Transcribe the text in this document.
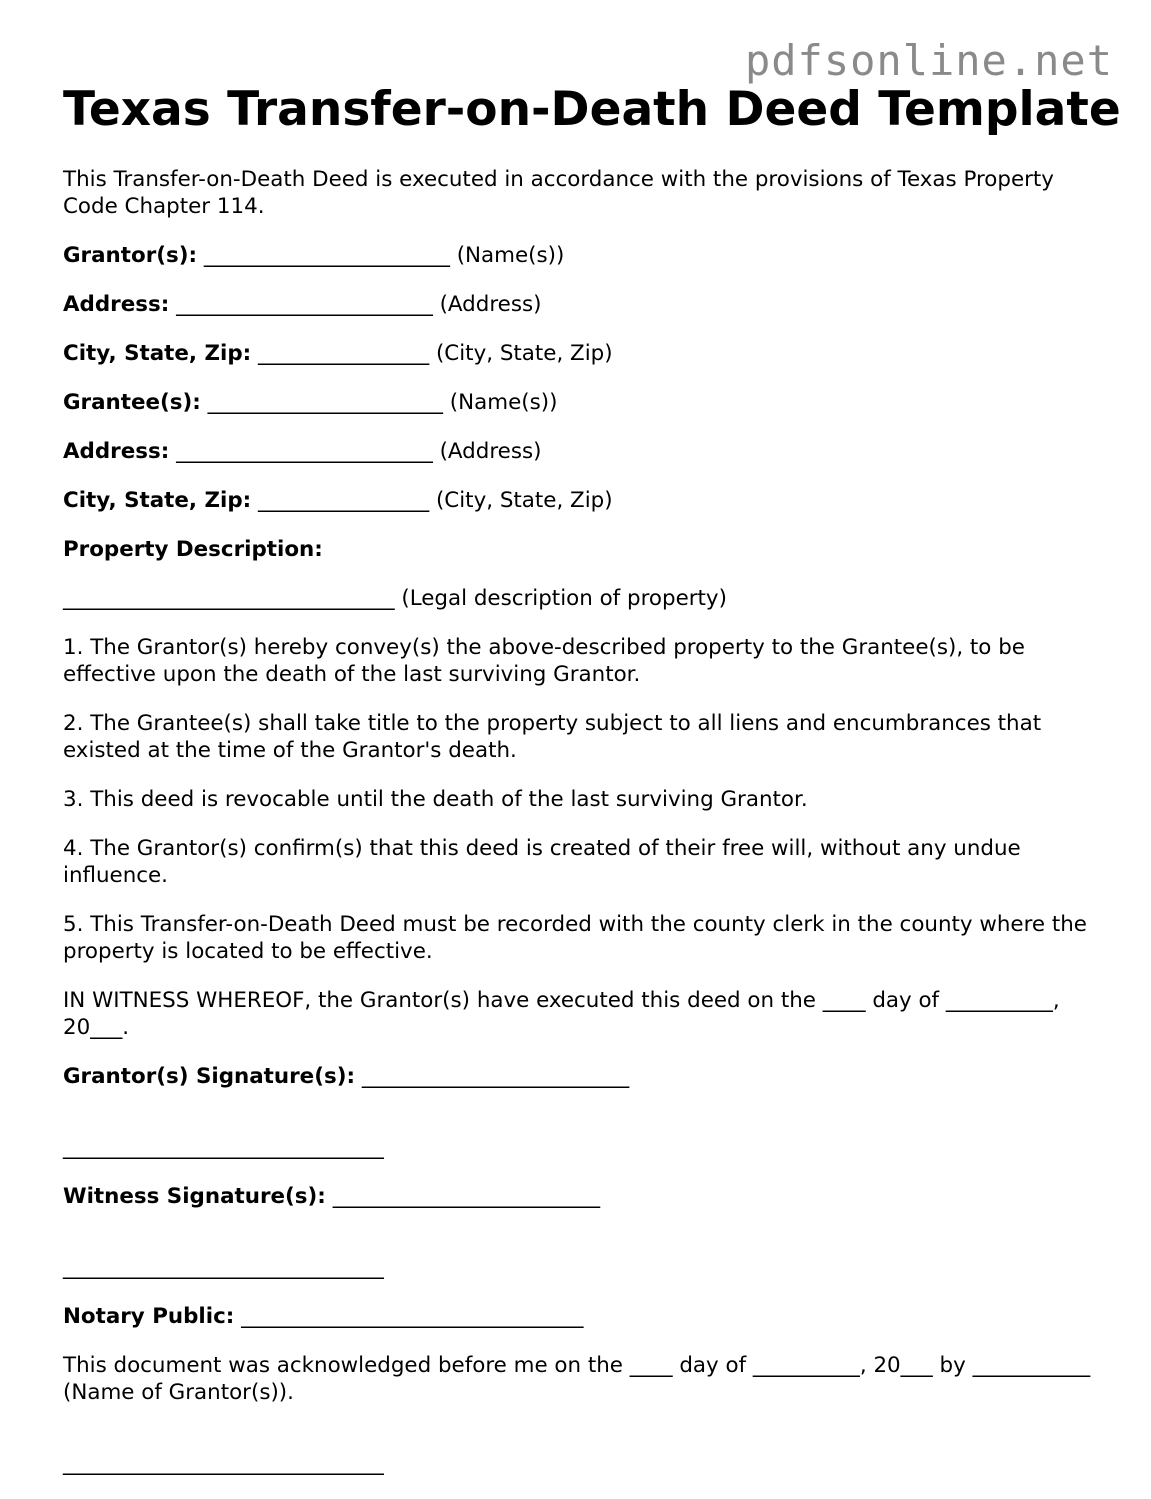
pdfsonline.net
Texas Transfer-on-Death Deed Template

This Transfer-on-Death Deed is executed in accordance with the provisions of Texas Property Code Chapter 114.

Grantor(s): _______________________ (Name(s))
Address: ________________________ (Address)
City, State, Zip: ________________ (City, State, Zip)
Grantee(s): ______________________ (Name(s))
Address: ________________________ (Address)
City, State, Zip: ________________ (City, State, Zip)
Property Description:
_______________________________ (Legal description of property)

1. The Grantor(s) hereby convey(s) the above-described property to the Grantee(s), to be effective upon the death of the last surviving Grantor.

2. The Grantee(s) shall take title to the property subject to all liens and encumbrances that existed at the time of the Grantor's death.

3. This deed is revocable until the death of the last surviving Grantor.

4. The Grantor(s) confirm(s) that this deed is created of their free will, without any undue influence.

5. This Transfer-on-Death Deed must be recorded with the county clerk in the county where the property is located to be effective.

IN WITNESS WHEREOF, the Grantor(s) have executed this deed on the ____ day of __________, 20___.

Grantor(s) Signature(s): _________________________
______________________________
Witness Signature(s): _________________________
______________________________
Notary Public: ________________________________

This document was acknowledged before me on the ____ day of __________, 20___ by ___________ (Name of Grantor(s)).

______________________________
